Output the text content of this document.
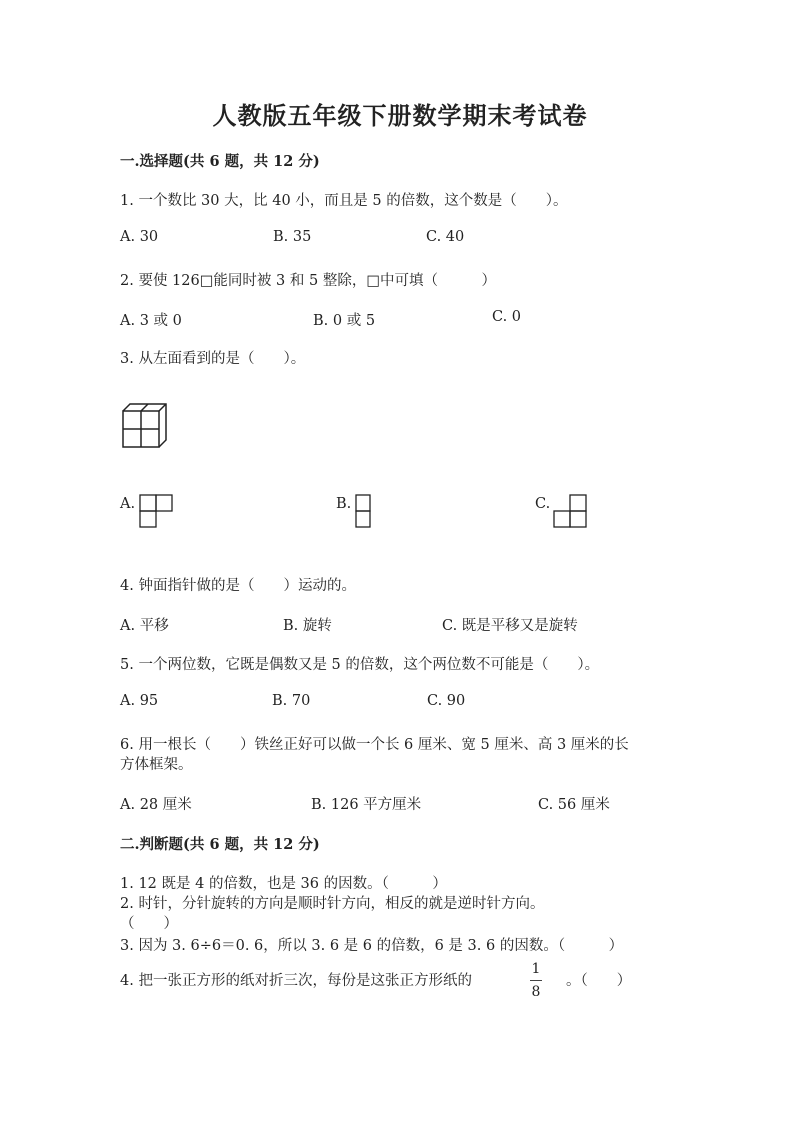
人教版五年级下册数学期末考试卷
一.选择题(共 6 题，共 12 分)
1. 一个数比 30 大，比 40 小，而且是 5 的倍数，这个数是（　　）。
A. 30	B. 35	C. 40
2. 要使 126□能同时被 3 和 5 整除，□中可填（　　　）
A. 3 或 0	B. 0 或 5	C. 0
3. 从左面看到的是（　　）。
A.	B.	C.
4. 钟面指针做的是（　　）运动的。
A. 平移	B. 旋转	C. 既是平移又是旋转
5. 一个两位数，它既是偶数又是 5 的倍数，这个两位数不可能是（　　）。
A. 95	B. 70	C. 90
6. 用一根长（　　）铁丝正好可以做一个长 6 厘米、宽 5 厘米、高 3 厘米的长
方体框架。
A. 28 厘米	B. 126 平方厘米	C. 56 厘米
二.判断题(共 6 题，共 12 分)
1. 12 既是 4 的倍数，也是 36 的因数。（　　　）
2. 时针，分针旋转的方向是顺时针方向，相反的就是逆时针方向。
（　　）
3. 因为 3. 6÷6＝0. 6，所以 3. 6 是 6 的倍数，6 是 3. 6 的因数。（　　　）
4. 把一张正方形的纸对折三次，每份是这张正方形纸的
1
8
。（　　）
